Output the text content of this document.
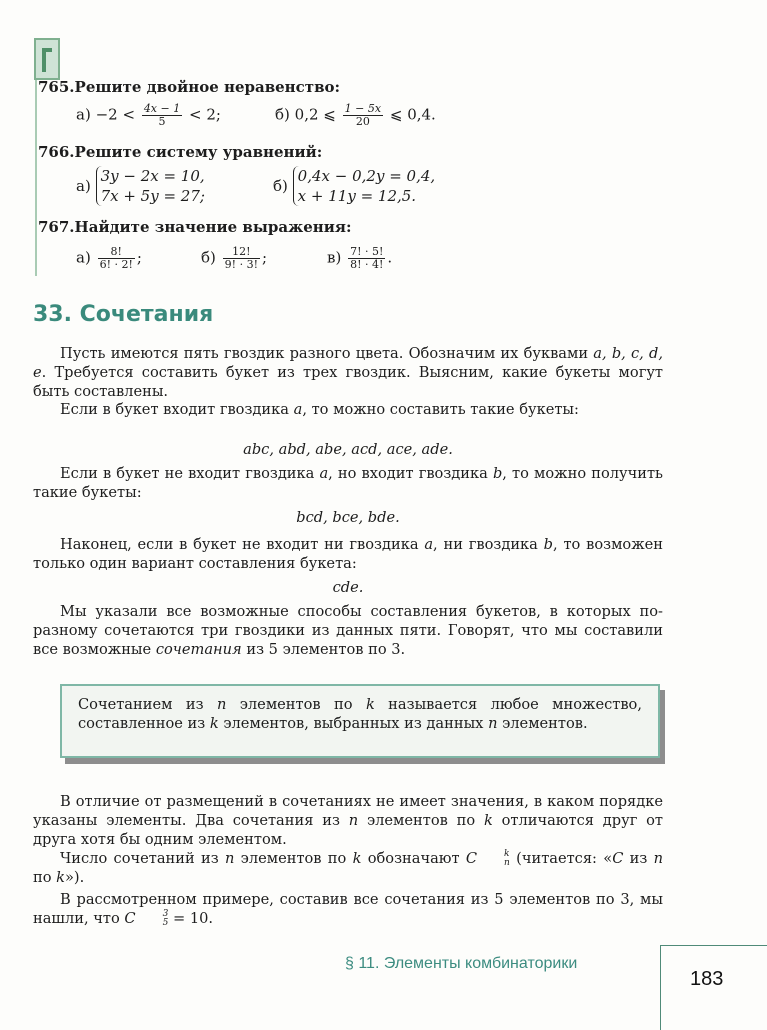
765.Решите двойное неравенство:
$а) -2 < \frac{4x - 1}{5} < 2$;	б) 0,2 ⩽ $\frac{1 - 5x}{20}$ ⩽ 0,4.
766.Решите систему уравнений:
а) 3y − 2x = 10,
7x + 5y = 27;
б) 0,4x − 0,2y = 0,4,
x + 11y = 12,5.
767.Найдите значение выражения:
$а) \frac{8!}{6! \cdot 2!}$ ;	$б) \frac{12!}{9! \cdot 3!}$ ;	$в) \frac{7! \cdot 5!}{8! \cdot 4!}$ .
33. Сочетания
Пусть имеются пять гвоздик разного цвета. Обозначим их буквами a, b, c, d, e. Требуется составить букет из трех гвоздик. Выясним, какие букеты могут быть составлены.
Если в букет входит гвоздика a, то можно составить такие букеты:
abc, abd, abe, acd, ace, ade.
Если в букет не входит гвоздика a, но входит гвоздика b, то можно получить такие букеты:
bcd, bce, bde.
Наконец, если в букет не входит ни гвоздика a, ни гвоздика b, то возможен только один вариант составления букета:
cde.
Мы указали все возможные способы составления букетов, в которых по-разному сочетаются три гвоздики из данных пяти. Говорят, что мы составили все возможные сочетания из 5 элементов по 3.
Сочетанием из n элементов по k называется любое множество, составленное из k элементов, выбранных из данных n элементов.
В отличие от размещений в сочетаниях не имеет значения, в каком порядке указаны элементы. Два сочетания из n элементов по k отличаются друг от друга хотя бы одним элементом.
Число сочетаний из n элементов по k обозначают C	k
n (читается: «C из n по k»).
В рассмотренном примере, составив все сочетания из 5 элементов по 3, мы нашли, что C	3
5 = 10.
§ 11. Элементы комбинаторики
183
